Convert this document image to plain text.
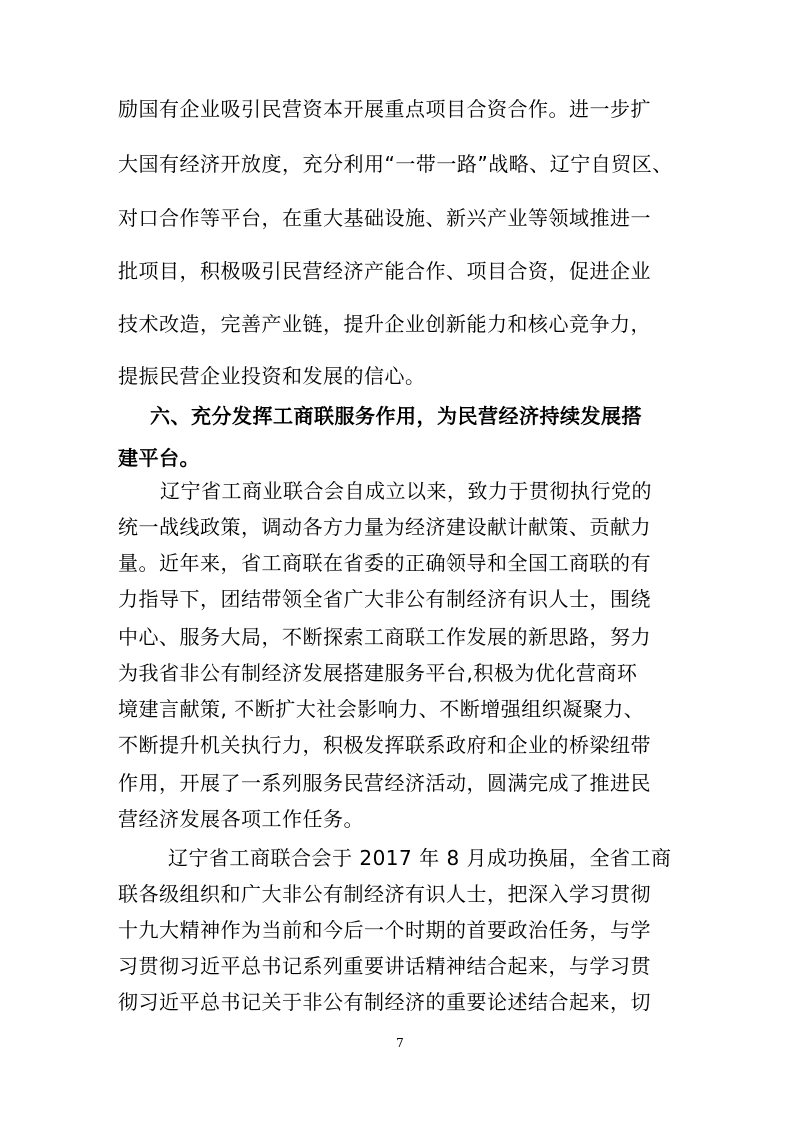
励国有企业吸引民营资本开展重点项目合资合作。进一步扩
大国有经济开放度，充分利用“一带一路”战略、辽宁自贸区、
对口合作等平台，在重大基础设施、新兴产业等领域推进一
批项目，积极吸引民营经济产能合作、项目合资，促进企业
技术改造，完善产业链，提升企业创新能力和核心竞争力，
提振民营企业投资和发展的信心。
六、充分发挥工商联服务作用，为民营经济持续发展搭
建平台。
辽宁省工商业联合会自成立以来，致力于贯彻执行党的
统一战线政策，调动各方力量为经济建设献计献策、贡献力
量。近年来，省工商联在省委的正确领导和全国工商联的有
力指导下，团结带领全省广大非公有制经济有识人士，围绕
中心、服务大局，不断探索工商联工作发展的新思路，努力
为我省非公有制经济发展搭建服务平台,积极为优化营商环
境建言献策, 不断扩大社会影响力、不断增强组织凝聚力、
不断提升机关执行力，积极发挥联系政府和企业的桥梁纽带
作用，开展了一系列服务民营经济活动，圆满完成了推进民
营经济发展各项工作任务。
辽宁省工商联合会于 2017 年 8 月成功换届，全省工商
联各级组织和广大非公有制经济有识人士，把深入学习贯彻
十九大精神作为当前和今后一个时期的首要政治任务，与学
7
习贯彻习近平总书记系列重要讲话精神结合起来，与学习贯
彻习近平总书记关于非公有制经济的重要论述结合起来，切
